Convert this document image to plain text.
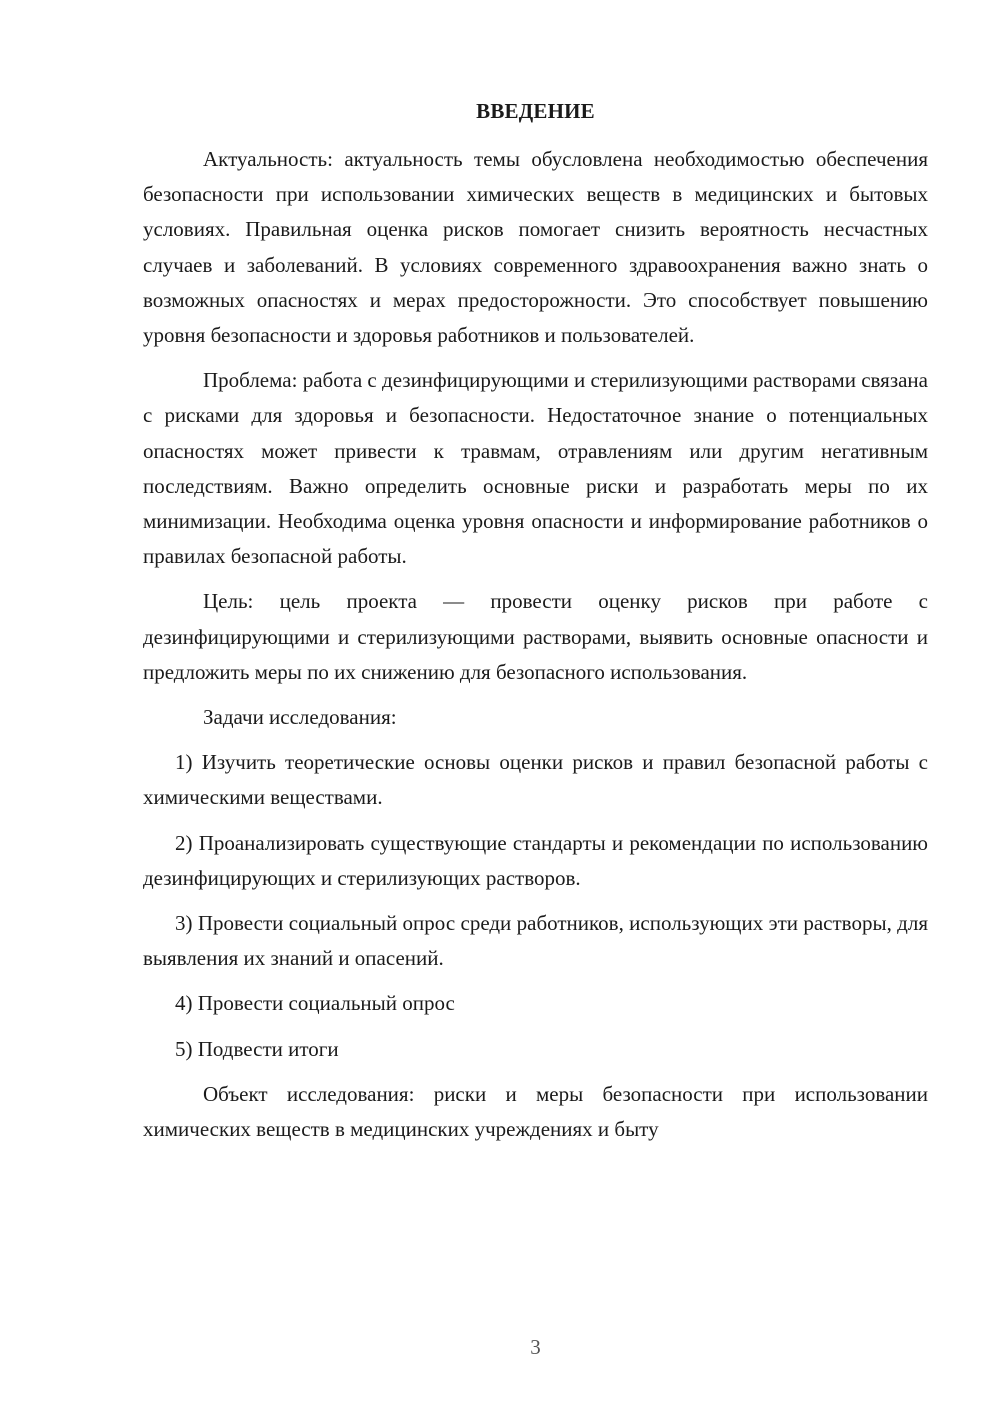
ВВЕДЕНИЕ

Актуальность: актуальность темы обусловлена необходимостью обеспечения безопасности при использовании химических веществ в медицинских и бытовых условиях. Правильная оценка рисков помогает снизить вероятность несчастных случаев и заболеваний. В условиях современного здравоохранения важно знать о возможных опасностях и мерах предосторожности. Это способствует повышению уровня безопасности и здоровья работников и пользователей.

Проблема: работа с дезинфицирующими и стерилизующими растворами связана с рисками для здоровья и безопасности. Недостаточное знание о потенциальных опасностях может привести к травмам, отравлениям или другим негативным последствиям. Важно определить основные риски и разработать меры по их минимизации. Необходима оценка уровня опасности и информирование работников о правилах безопасной работы.

Цель: цель проекта — провести оценку рисков при работе с дезинфицирующими и стерилизующими растворами, выявить основные опасности и предложить меры по их снижению для безопасного использования.

Задачи исследования:

1) Изучить теоретические основы оценки рисков и правил безопасной работы с химическими веществами.

2) Проанализировать существующие стандарты и рекомендации по использованию дезинфицирующих и стерилизующих растворов.

3) Провести социальный опрос среди работников, использующих эти растворы, для выявления их знаний и опасений.

4) Провести социальный опрос

5) Подвести итоги

Объект исследования: риски и меры безопасности при использовании химических веществ в медицинских учреждениях и быту

3
